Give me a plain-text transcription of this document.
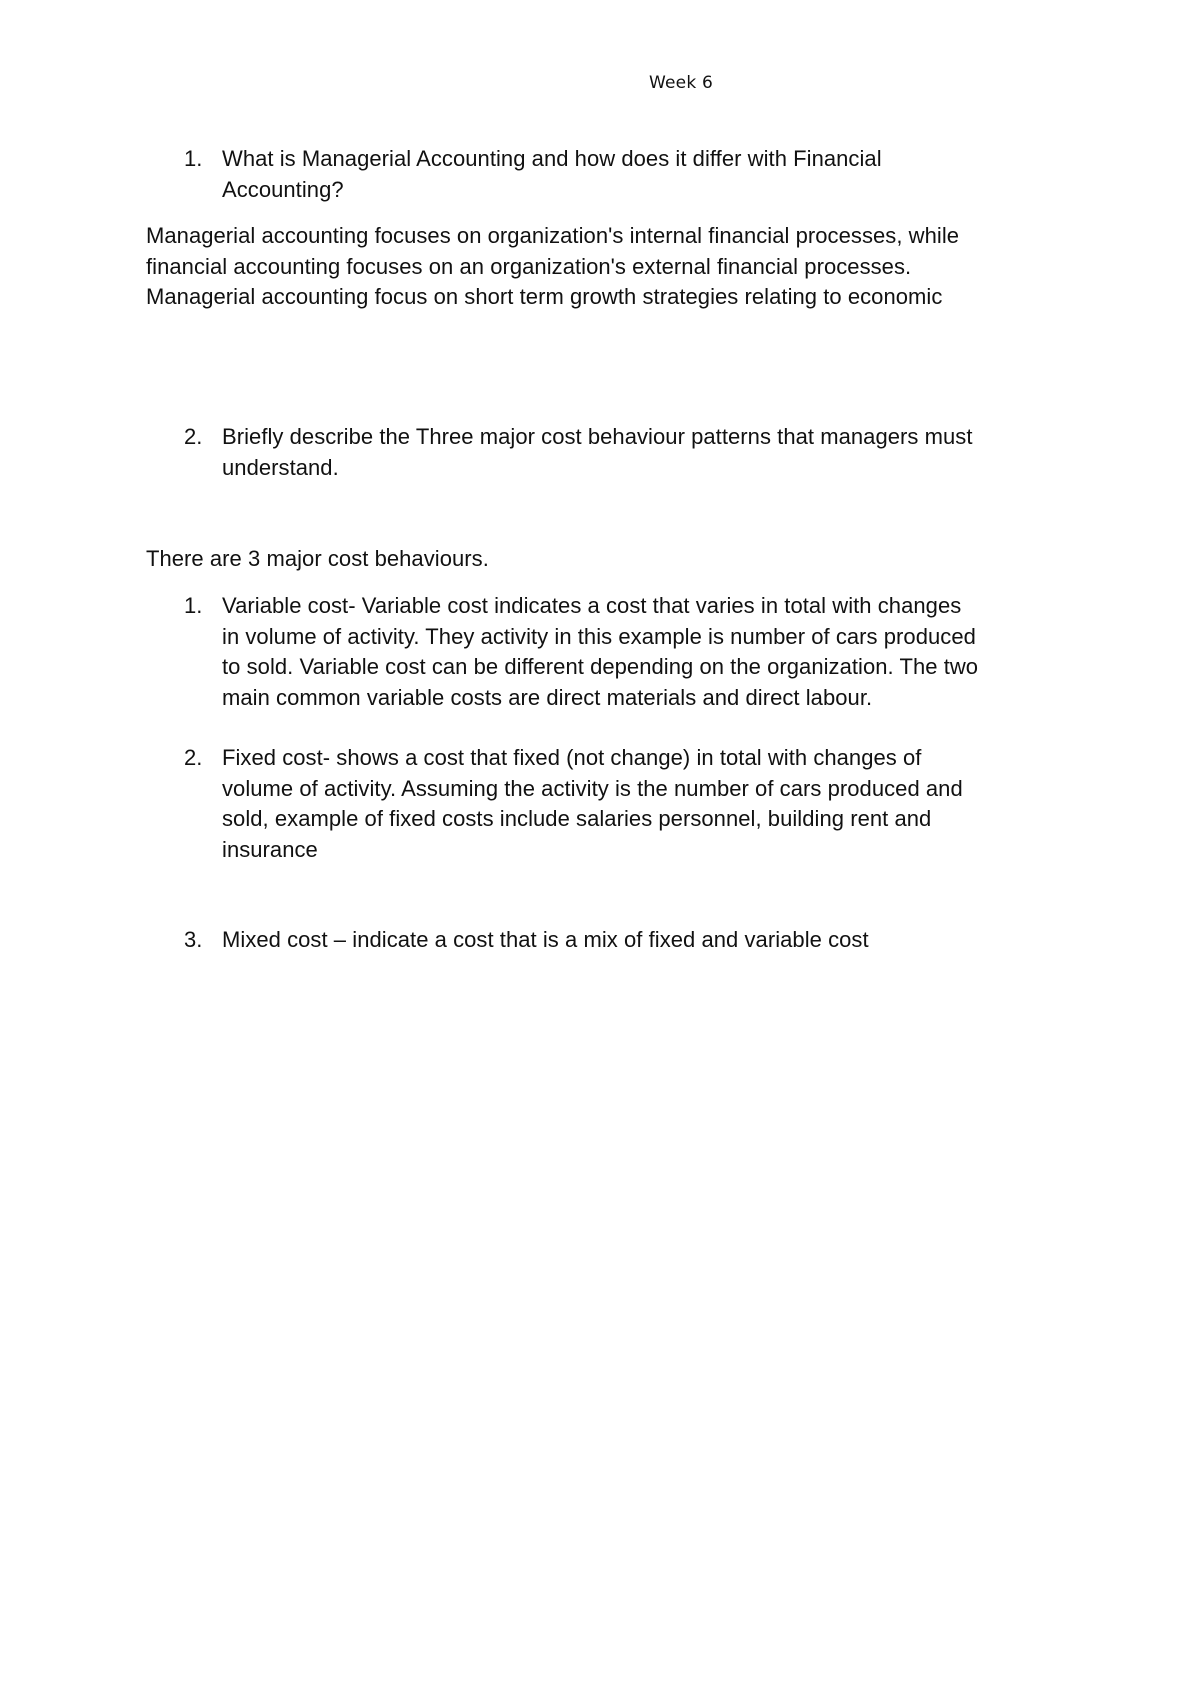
Week 6
1. What is Managerial Accounting and how does it differ with Financial
Accounting?
Managerial accounting focuses on organization's internal financial processes, while
financial accounting focuses on an organization's external financial processes.
Managerial accounting focus on short term growth strategies relating to economic
2. Briefly describe the Three major cost behaviour patterns that managers must
understand.
There are 3 major cost behaviours.
1. Variable cost- Variable cost indicates a cost that varies in total with changes
in volume of activity. They activity in this example is number of cars produced
to sold. Variable cost can be different depending on the organization. The two
main common variable costs are direct materials and direct labour.
2. Fixed cost- shows a cost that fixed (not change) in total with changes of
volume of activity. Assuming the activity is the number of cars produced and
sold, example of fixed costs include salaries personnel, building rent and
insurance
3. Mixed cost – indicate a cost that is a mix of fixed and variable cost
